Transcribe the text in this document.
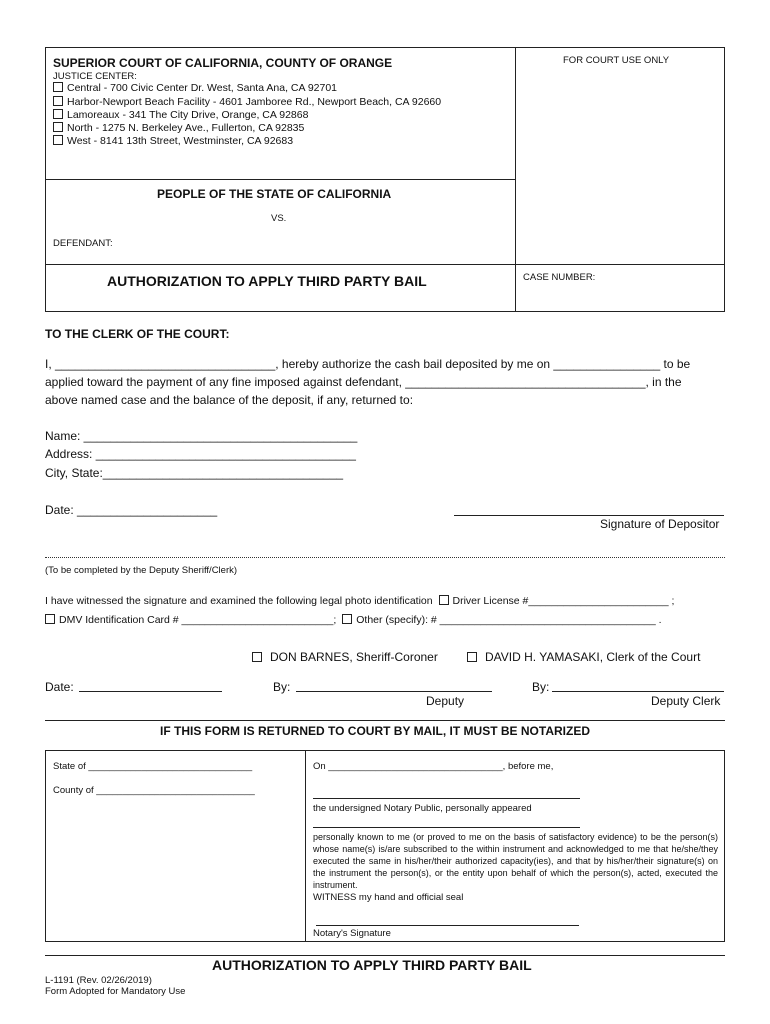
SUPERIOR COURT OF CALIFORNIA, COUNTY OF ORANGE	FOR COURT USE ONLY
JUSTICE CENTER:
Central - 700 Civic Center Dr. West, Santa Ana, CA 92701
Harbor-Newport Beach Facility - 4601 Jamboree Rd., Newport Beach, CA 92660
Lamoreaux - 341 The City Drive, Orange, CA 92868
North - 1275 N. Berkeley Ave., Fullerton, CA 92835
West - 8141 13th Street, Westminster, CA 92683
PEOPLE OF THE STATE OF CALIFORNIA
VS.
DEFENDANT:
AUTHORIZATION TO APPLY THIRD PARTY BAIL	CASE NUMBER:
TO THE CLERK OF THE COURT:
I, _________________________________, hereby authorize the cash bail deposited by me on ________________ to be
applied toward the payment of any fine imposed against defendant, ____________________________________, in the
above named case and the balance of the deposit, if any, returned to:
Name: _________________________________________
Address: _______________________________________
City, State:____________________________________
Date: _____________________
Signature of Depositor
(To be completed by the Deputy Sheriff/Clerk)
I have witnessed the signature and examined the following legal photo identification Driver License #________________________ ;
DMV Identification Card # __________________________; Other (specify): # _____________________________________ .
DON BARNES, Sheriff-Coroner	DAVID H. YAMASAKI, Clerk of the Court
Date:	By:	By:
Deputy	Deputy Clerk
IF THIS FORM IS RETURNED TO COURT BY MAIL, IT MUST BE NOTARIZED
State of _______________________________
County of ______________________________
On _________________________________, before me,
the undersigned Notary Public, personally appeared
personally known to me (or proved to me on the basis of satisfactory evidence) to be the person(s) whose name(s) is/are subscribed to the within instrument and acknowledged to me that he/she/they executed the same in his/her/their authorized capacity(ies), and that by his/her/their signature(s) on the instrument the person(s), or the entity upon behalf of which the person(s), acted, executed the instrument.
WITNESS my hand and official seal
Notary's Signature
AUTHORIZATION TO APPLY THIRD PARTY BAIL
L-1191 (Rev. 02/26/2019)
Form Adopted for Mandatory Use
